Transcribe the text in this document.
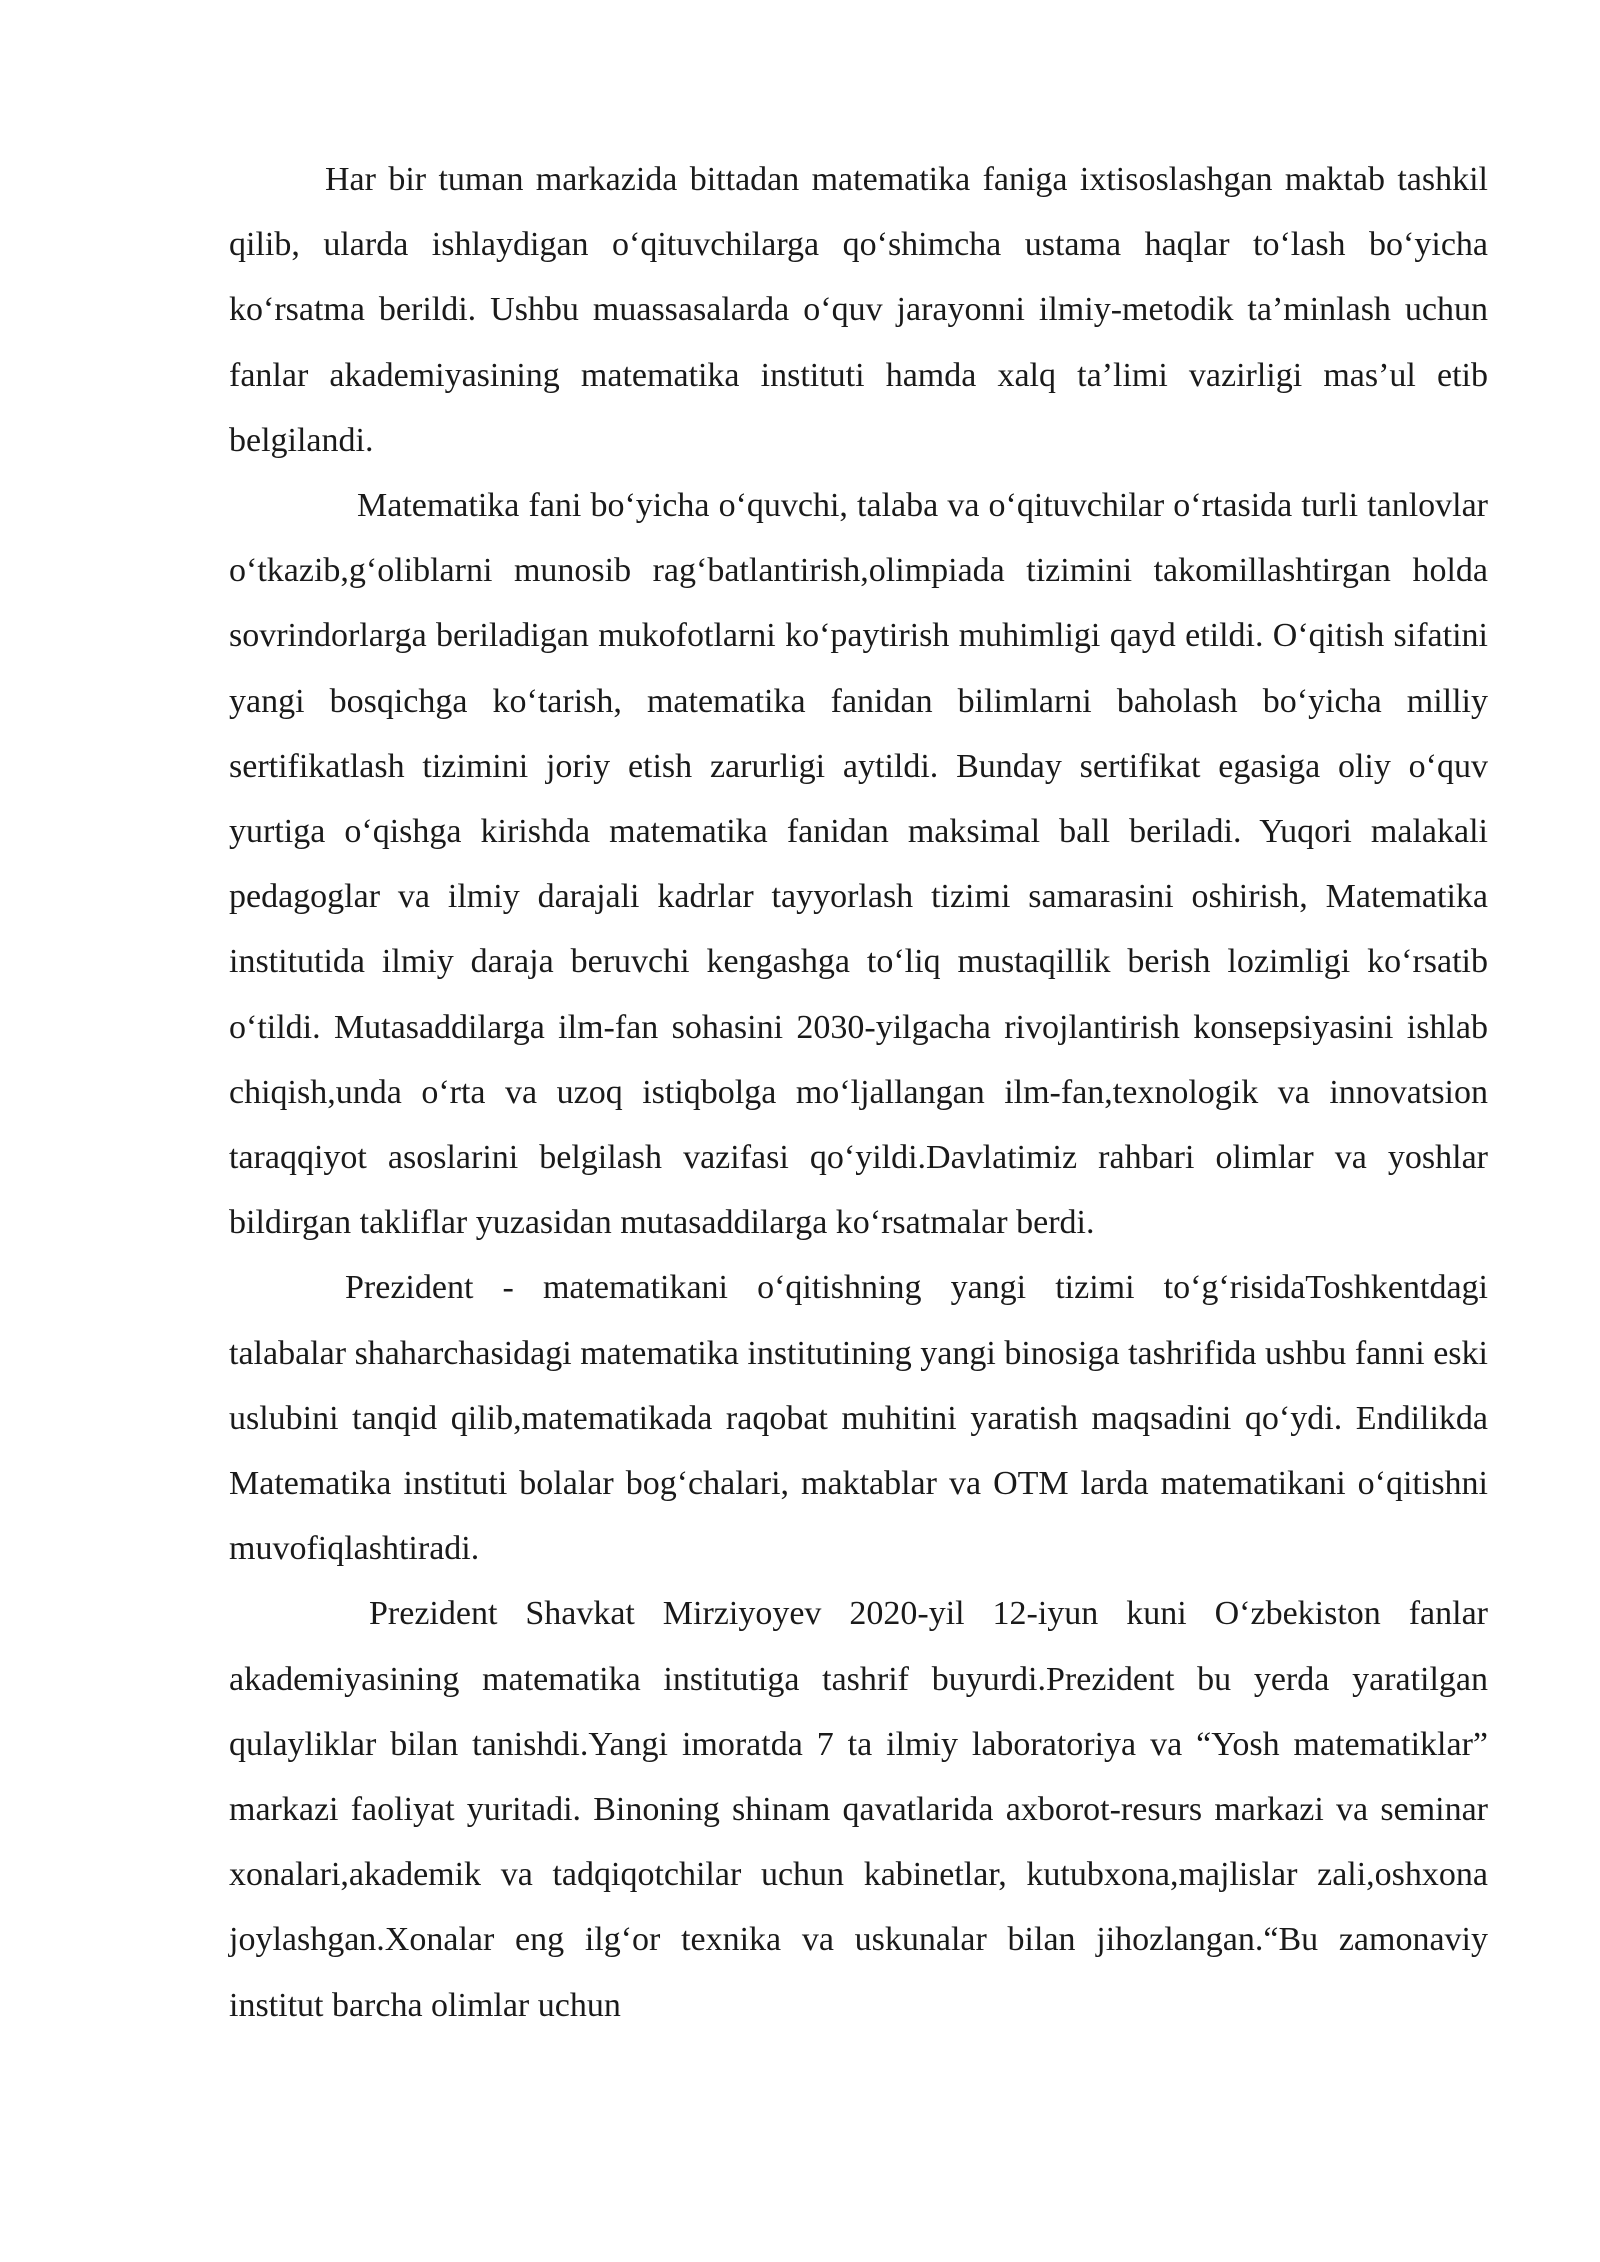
Har bir tuman markazida bittadan matematika faniga ixtisoslashgan maktab tashkil qilib, ularda ishlaydigan o‘qituvchilarga qo‘shimcha ustama haqlar to‘lash bo‘yicha ko‘rsatma berildi. Ushbu muassasalarda o‘quv jarayonni ilmiy-metodik ta’minlash uchun fanlar akademiyasining matematika instituti hamda xalq ta’limi vazirligi mas’ul etib belgilandi.

Matematika fani bo‘yicha o‘quvchi, talaba va o‘qituvchilar o‘rtasida turli tanlovlar o‘tkazib,g‘oliblarni munosib rag‘batlantirish,olimpiada tizimini takomillashtirgan holda sovrindorlarga beriladigan mukofotlarni ko‘paytirish muhimligi qayd etildi. O‘qitish sifatini yangi bosqichga ko‘tarish, matematika fanidan bilimlarni baholash bo‘yicha milliy sertifikatlash tizimini joriy etish zarurligi aytildi. Bunday sertifikat egasiga oliy o‘quv yurtiga o‘qishga kirishda matematika fanidan maksimal ball beriladi. Yuqori malakali pedagoglar va ilmiy darajali kadrlar tayyorlash tizimi samarasini oshirish, Matematika institutida ilmiy daraja beruvchi kengashga to‘liq mustaqillik berish lozimligi ko‘rsatib o‘tildi. Mutasaddilarga ilm-fan sohasini 2030-yilgacha rivojlantirish konsepsiyasini ishlab chiqish,unda o‘rta va uzoq istiqbolga mo‘ljallangan ilm-fan,texnologik va innovatsion taraqqiyot asoslarini belgilash vazifasi qo‘yildi.Davlatimiz rahbari olimlar va yoshlar bildirgan takliflar yuzasidan mutasaddilarga ko‘rsatmalar berdi.

Prezident - matematikani o‘qitishning yangi tizimi to‘g‘risidaToshkentdagi talabalar shaharchasidagi matematika institutining yangi binosiga tashrifida ushbu fanni eski uslubini tanqid qilib,matematikada raqobat muhitini yaratish maqsadini qo‘ydi. Endilikda Matematika instituti bolalar bog‘chalari, maktablar va OTM larda matematikani o‘qitishni muvofiqlashtiradi.

Prezident Shavkat Mirziyoyev 2020-yil 12-iyun kuni O‘zbekiston fanlar akademiyasining matematika institutiga tashrif buyurdi.Prezident bu yerda yaratilgan qulayliklar bilan tanishdi.Yangi imoratda 7 ta ilmiy laboratoriya va “Yosh matematiklar” markazi faoliyat yuritadi. Binoning shinam qavatlarida axborot-resurs markazi va seminar xonalari,akademik va tadqiqotchilar uchun kabinetlar, kutubxona,majlislar zali,oshxona joylashgan.Xonalar eng ilg‘or texnika va uskunalar bilan jihozlangan.“Bu zamonaviy institut barcha olimlar uchun
